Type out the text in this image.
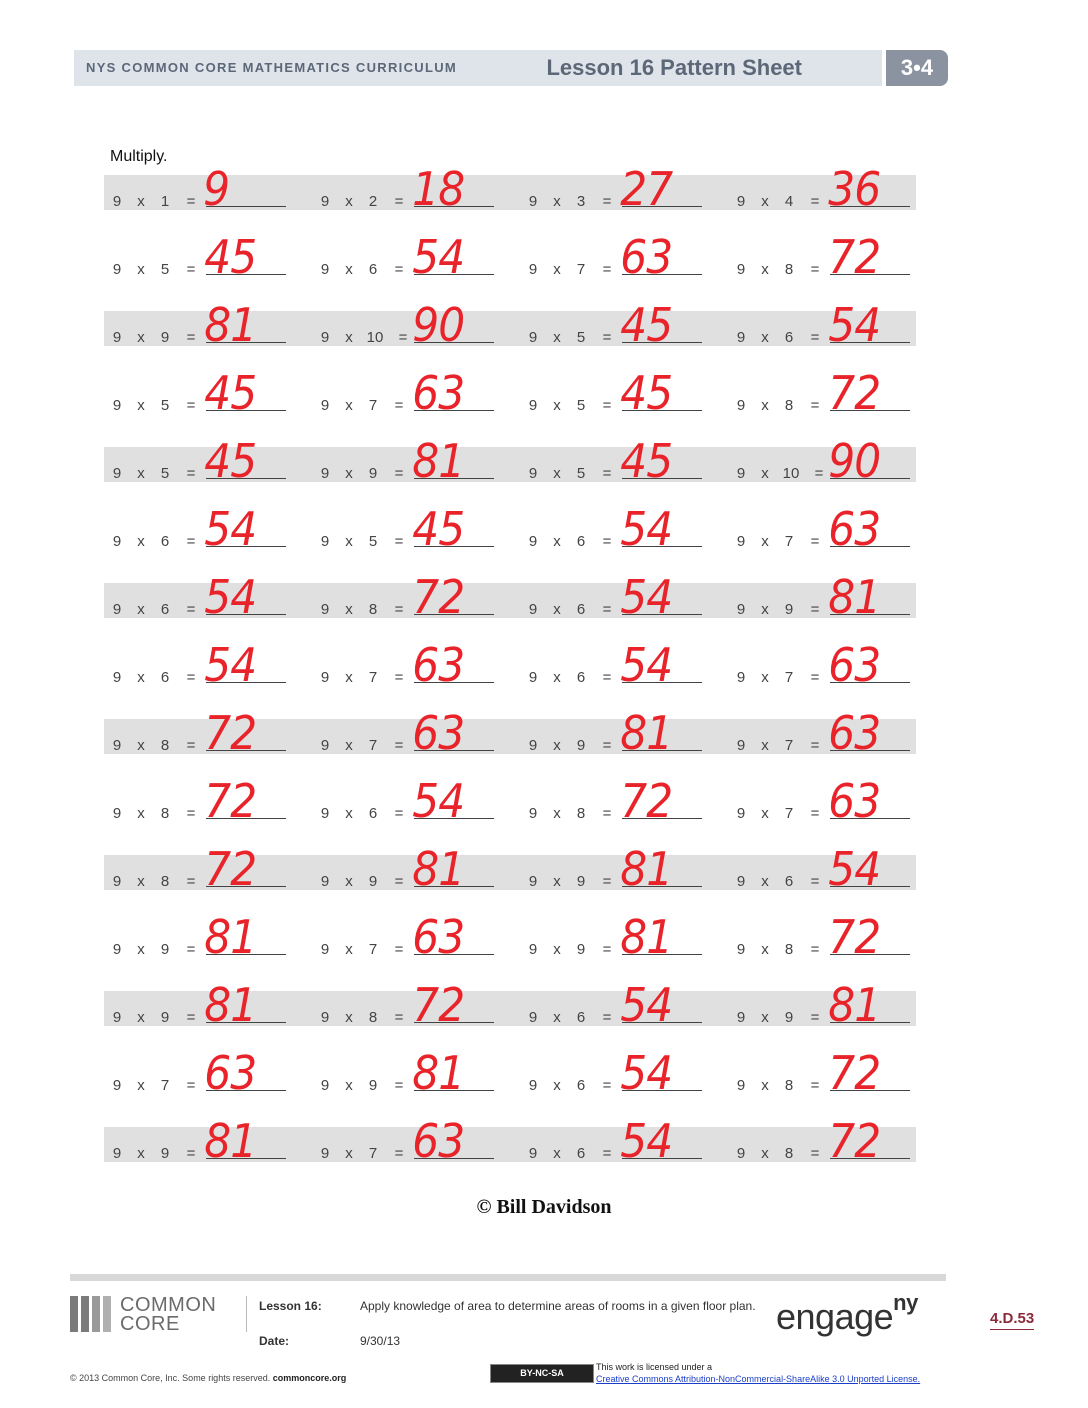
NYS COMMON CORE MATHEMATICS CURRICULUM	Lesson 16 Pattern Sheet	3•4
Multiply.
9 x 1 = 9	9 x 2 = 18	9 x 3 = 27	9 x 4 = 36
9 x 5 = 45	9 x 6 = 54	9 x 7 = 63	9 x 8 = 72
9 x 9 = 81	9 x 10 = 90	9 x 5 = 45	9 x 6 = 54
9 x 5 = 45	9 x 7 = 63	9 x 5 = 45	9 x 8 = 72
9 x 5 = 45	9 x 9 = 81	9 x 5 = 45	9 x 10 = 90
9 x 6 = 54	9 x 5 = 45	9 x 6 = 54	9 x 7 = 63
9 x 6 = 54	9 x 8 = 72	9 x 6 = 54	9 x 9 = 81
9 x 6 = 54	9 x 7 = 63	9 x 6 = 54	9 x 7 = 63
9 x 8 = 72	9 x 7 = 63	9 x 9 = 81	9 x 7 = 63
9 x 8 = 72	9 x 6 = 54	9 x 8 = 72	9 x 7 = 63
9 x 8 = 72	9 x 9 = 81	9 x 9 = 81	9 x 6 = 54
9 x 9 = 81	9 x 7 = 63	9 x 9 = 81	9 x 8 = 72
9 x 9 = 81	9 x 8 = 72	9 x 6 = 54	9 x 9 = 81
9 x 7 = 63	9 x 9 = 81	9 x 6 = 54	9 x 8 = 72
9 x 9 = 81	9 x 7 = 63	9 x 6 = 54	9 x 8 = 72
© Bill Davidson
COMMON
CORE
Lesson 16:	Apply knowledge of area to determine areas of rooms in a given floor plan.
Date:	9/30/13
engage$^{ny}$
4.D.53
© 2013 Common Core, Inc. Some rights reserved. commoncore.org	BY-NC-SA
This work is licensed under a
Creative Commons Attribution-NonCommercial-ShareAlike 3.0 Unported License.
